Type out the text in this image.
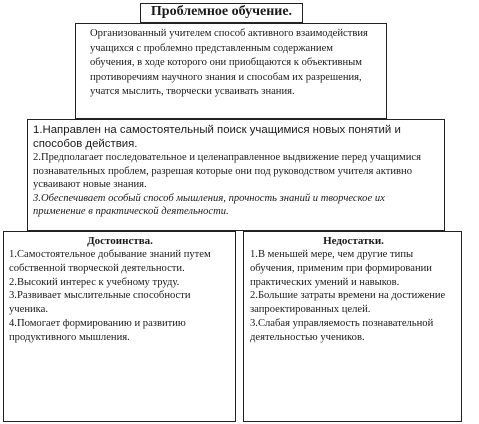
Проблемное обучение.
Организованный учителем способ активного взаимодействия учащихся с проблемно представленным содержанием обучения, в ходе которого они приобщаются к объективным противоречиям научного знания и способам их разрешения, учатся мыслить, творчески усваивать знания.
1.Направлен на самостоятельный поиск учащимися новых понятий и способов действия.
2.Предполагает последовательное и целенаправленное выдвижение перед учащимися познавательных проблем, разрешая которые они под руководством учителя активно усваивают новые знания.
3.Обеспечивает особый способ мышления, прочность знаний и творческое их применение в практической деятельности.
Достоинства.
1.Самостоятельное добывание знаний путем собственной творческой деятельности.
2.Высокий интерес к учебному труду.
3.Развивает мыслительные способности ученика.
4.Помогает формированию и развитию продуктивного мышления.
Недостатки.
1.В меньшей мере, чем другие типы обучения, применим при формировании практических умений и навыков.
2.Большие затраты времени на достижение запроектированных целей.
3.Слабая управляемость познавательной деятельностью учеников.
